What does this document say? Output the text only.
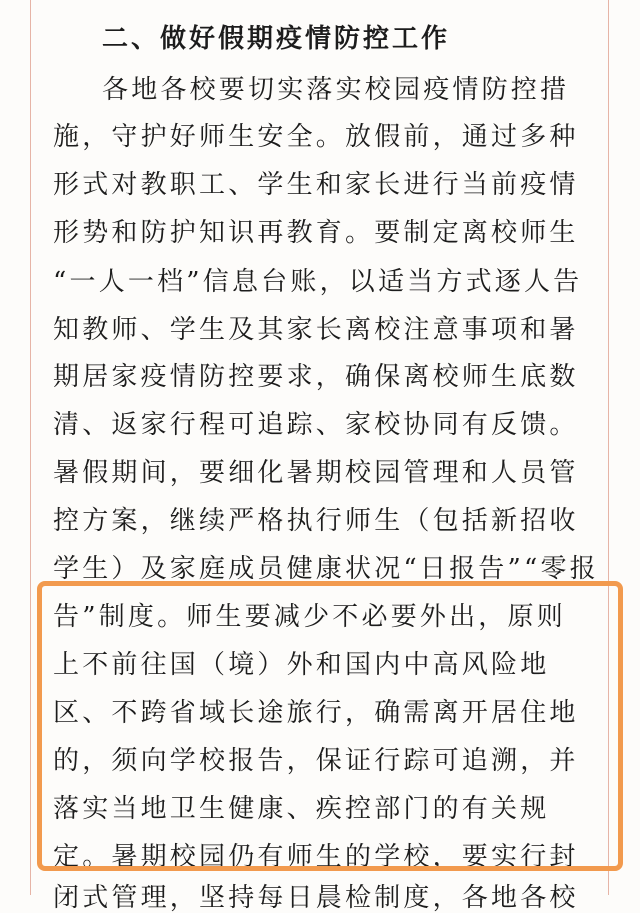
二、做好假期疫情防控工作
各地各校要切实落实校园疫情防控措
施，守护好师生安全。放假前，通过多种
形式对教职工、学生和家长进行当前疫情
形势和防护知识再教育。要制定离校师生
“一人一档”信息台账，以适当方式逐人告
知教师、学生及其家长离校注意事项和暑
期居家疫情防控要求，确保离校师生底数
清、返家行程可追踪、家校协同有反馈。
暑假期间，要细化暑期校园管理和人员管
控方案，继续严格执行师生（包括新招收
学生）及家庭成员健康状况“日报告”“零报
告”制度。师生要减少不必要外出，原则
上不前往国（境）外和国内中高风险地
区、不跨省域长途旅行，确需离开居住地
的，须向学校报告，保证行踪可追溯，并
落实当地卫生健康、疾控部门的有关规
定。暑期校园仍有师生的学校，要实行封
闭式管理，坚持每日晨检制度，各地各校
